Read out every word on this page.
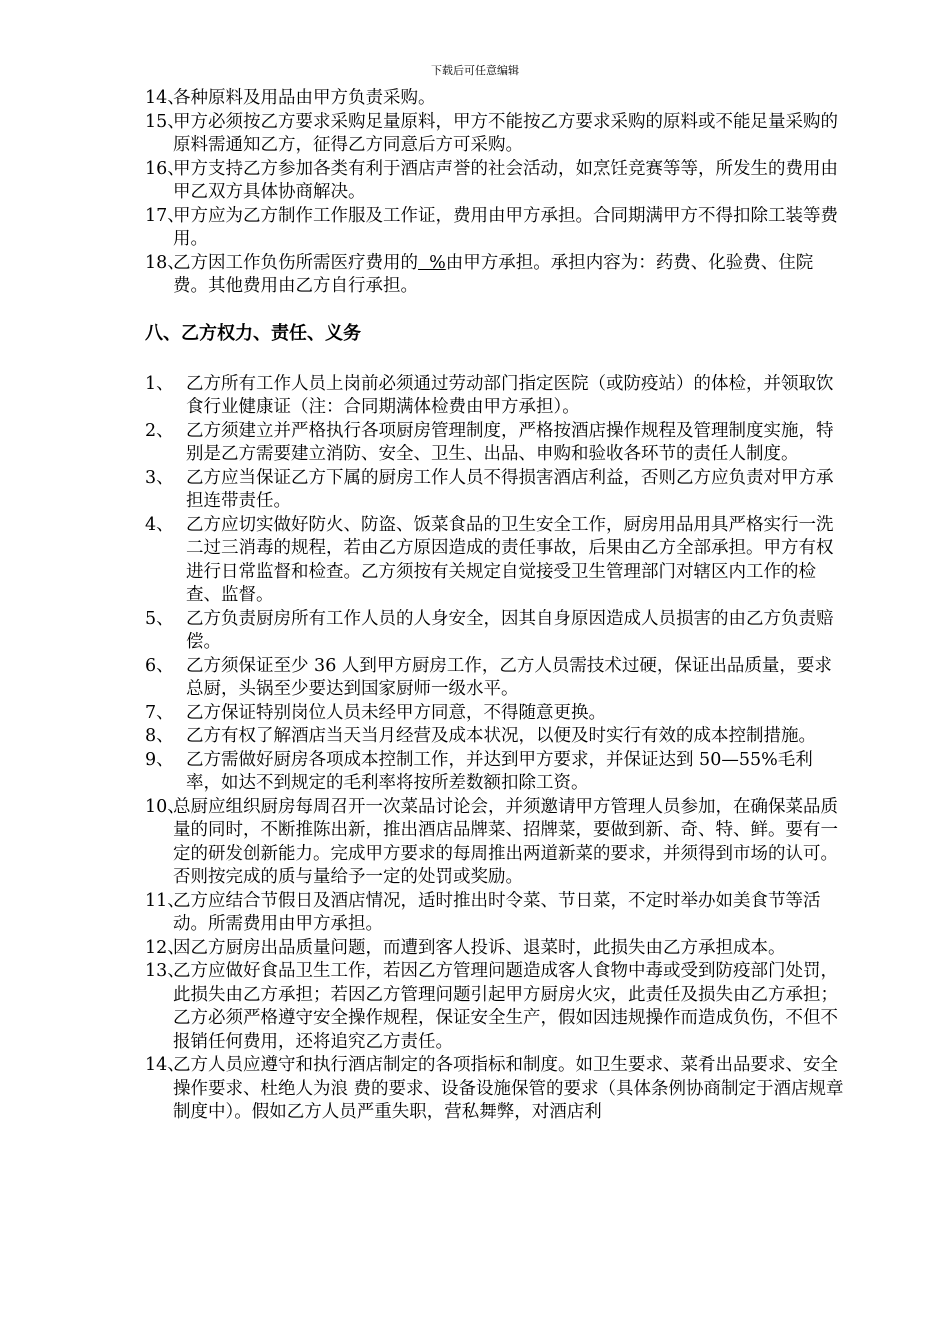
下载后可任意编辑
14、
各种原料及用品由甲方负责采购。
15、
甲方必须按乙方要求采购足量原料，甲方不能按乙方要求采购的原料或不能足量采购的原料需通知乙方，征得乙方同意后方可采购。
16、
甲方支持乙方参加各类有利于酒店声誉的社会活动，如烹饪竞赛等等，所发生的费用由甲乙双方具体协商解决。
17、
甲方应为乙方制作工作服及工作证，费用由甲方承担。合同期满甲方不得扣除工装等费用。
18、
乙方因工作负伤所需医疗费用的  %由甲方承担。承担内容为：药费、化验费、住院费。其他费用由乙方自行承担。
八、乙方权力、责任、义务
1、 乙方所有工作人员上岗前必须通过劳动部门指定医院（或防疫站）的体检，并领取饮食行业健康证（注：合同期满体检费由甲方承担）。
2、 乙方须建立并严格执行各项厨房管理制度，严格按酒店操作规程及管理制度实施，特别是乙方需要建立消防、安全、卫生、出品、申购和验收各环节的责任人制度。
3、 乙方应当保证乙方下属的厨房工作人员不得损害酒店利益，否则乙方应负责对甲方承担连带责任。
4、 乙方应切实做好防火、防盗、饭菜食品的卫生安全工作，厨房用品用具严格实行一洗二过三消毒的规程，若由乙方原因造成的责任事故，后果由乙方全部承担。甲方有权进行日常监督和检查。乙方须按有关规定自觉接受卫生管理部门对辖区内工作的检查、监督。
5、 乙方负责厨房所有工作人员的人身安全，因其自身原因造成人员损害的由乙方负责赔偿。
6、 乙方须保证至少 36 人到甲方厨房工作，乙方人员需技术过硬，保证出品质量，要求总厨，头锅至少要达到国家厨师一级水平。
7、 乙方保证特别岗位人员未经甲方同意，不得随意更换。
8、 乙方有权了解酒店当天当月经营及成本状况，以便及时实行有效的成本控制措施。
9、 乙方需做好厨房各项成本控制工作，并达到甲方要求，并保证达到 50—55%毛利率，如达不到规定的毛利率将按所差数额扣除工资。
10、
总厨应组织厨房每周召开一次菜品讨论会，并须邀请甲方管理人员参加，在确保菜品质量的同时，不断推陈出新，推出酒店品牌菜、招牌菜，要做到新、奇、特、鲜。要有一定的研发创新能力。完成甲方要求的每周推出两道新菜的要求，并须得到市场的认可。否则按完成的质与量给予一定的处罚或奖励。
11、
乙方应结合节假日及酒店情况，适时推出时令菜、节日菜，不定时举办如美食节等活动。所需费用由甲方承担。
12、
因乙方厨房出品质量问题，而遭到客人投诉、退菜时，此损失由乙方承担成本。
13、
乙方应做好食品卫生工作，若因乙方管理问题造成客人食物中毒或受到防疫部门处罚，此损失由乙方承担；若因乙方管理问题引起甲方厨房火灾，此责任及损失由乙方承担；乙方必须严格遵守安全操作规程，保证安全生产，假如因违规操作而造成负伤，不但不报销任何费用，还将追究乙方责任。
14、
乙方人员应遵守和执行酒店制定的各项指标和制度。如卫生要求、菜肴出品要求、安全操作要求、杜绝人为浪 费的要求、设备设施保管的要求（具体条例协商制定于酒店规章制度中）。假如乙方人员严重失职，营私舞弊，对酒店利
